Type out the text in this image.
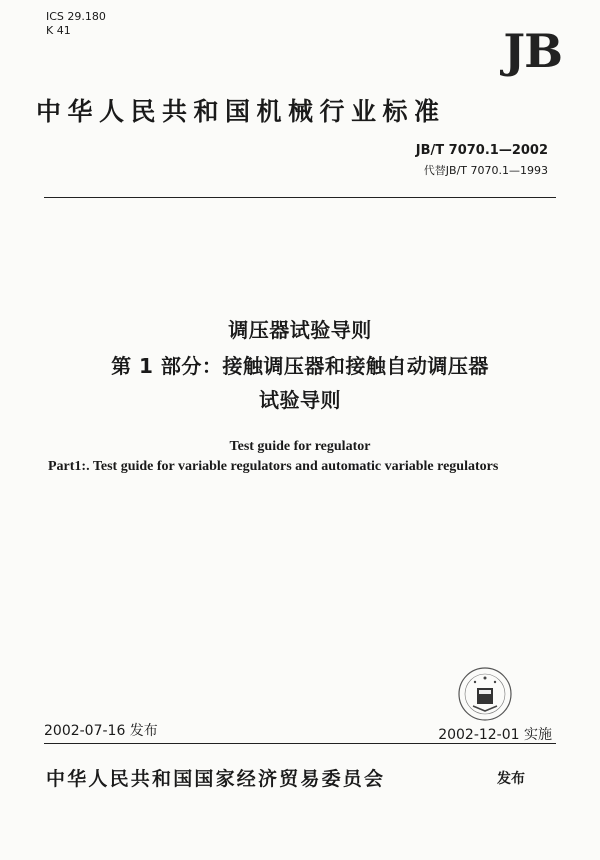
ICS 29.180
K 41	JB
中华人民共和国机械行业标准
JB/T 7070.1—2002
代替JB/T 7070.1—1993
调压器试验导则
第 1 部分：接触调压器和接触自动调压器
试验导则
Test guide for regulator
Part1:. Test guide for variable regulators and automatic variable regulators
2002-07-16 发布	2002-12-01 实施
中华人民共和国国家经济贸易委员会	发布
